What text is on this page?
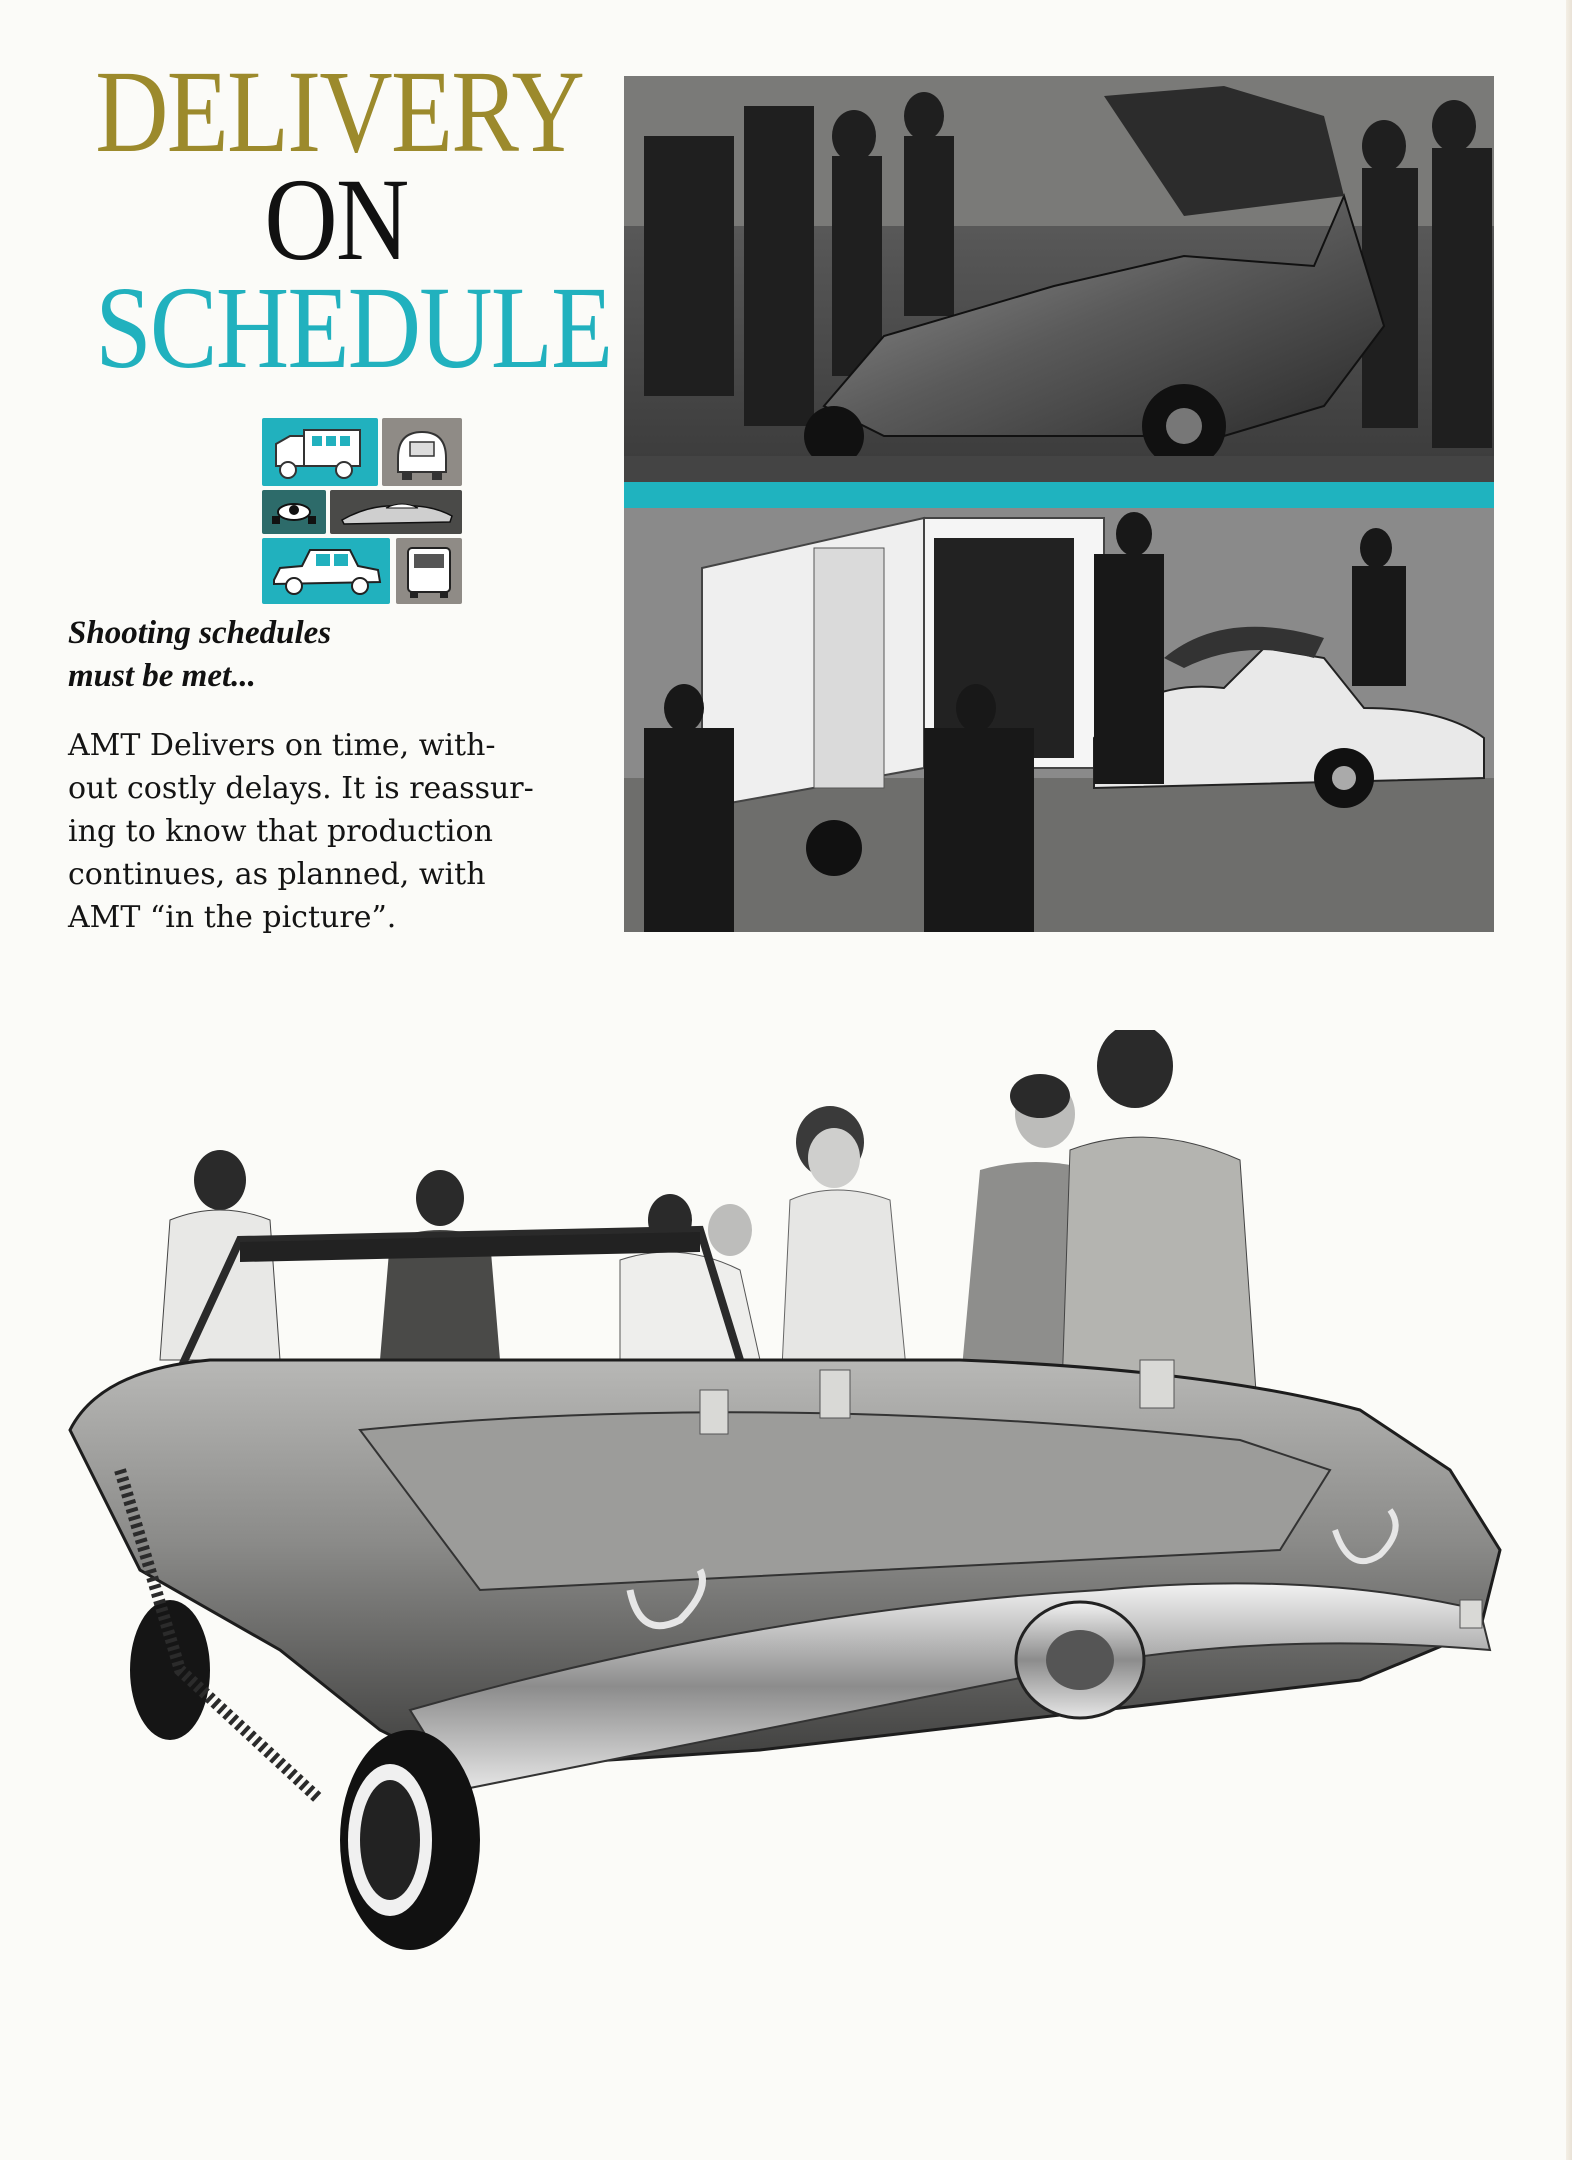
DELIVERY
ON
SCHEDULE
Shooting schedules
must be met...
AMT Delivers on time, with-
out costly delays. It is reassur-
ing to know that production
continues, as planned, with
AMT “in the picture”.
